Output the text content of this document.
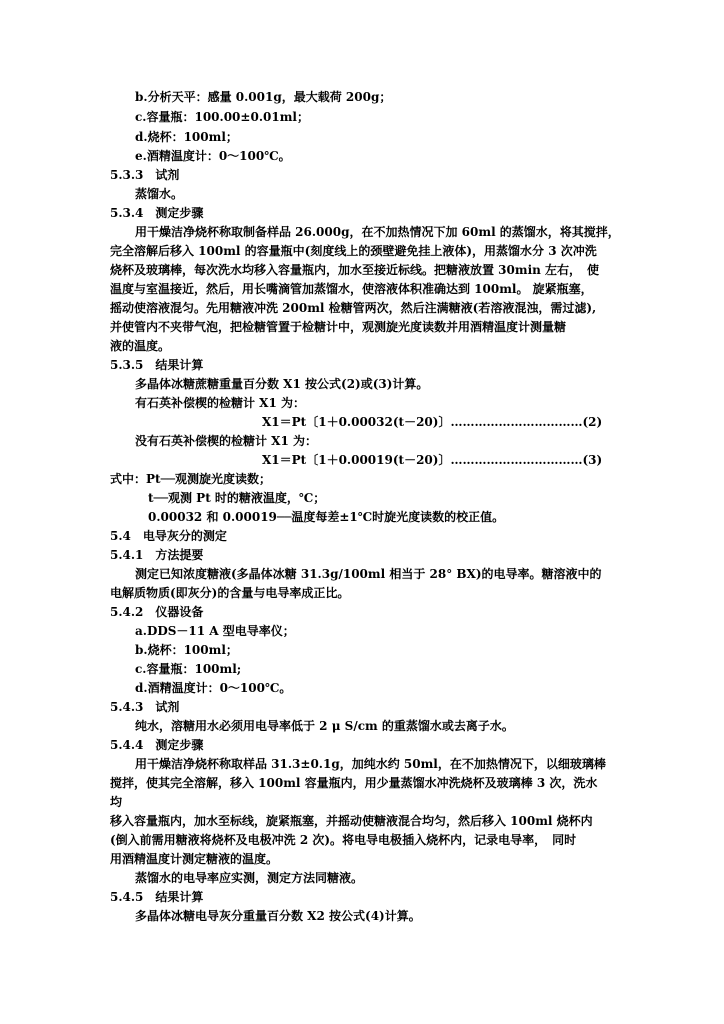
b.分析天平：感量 0.001g，最大载荷 200g；
c.容量瓶：100.00±0.01ml；
d.烧杯：100ml；
e.酒精温度计：0～100℃。
5.3.3　试剂
蒸馏水。
5.3.4　测定步骤
用干燥洁净烧杯称取制备样品 26.000g，在不加热情况下加 60ml 的蒸馏水，将其搅拌，
完全溶解后移入 100ml 的容量瓶中(刻度线上的颈壁避免挂上液体)，用蒸馏水分 3 次冲洗
烧杯及玻璃棒，每次洗水均移入容量瓶内，加水至接近标线。把糖液放置 30min 左右，　使
温度与室温接近，然后，用长嘴滴管加蒸馏水，使溶液体积准确达到 100ml。 旋紧瓶塞，
摇动使溶液混匀。先用糖液冲洗 200ml 检糖管两次，然后注满糖液(若溶液混浊，需过滤),
并使管内不夹带气泡，把检糖管置于检糖计中，观测旋光度读数并用酒精温度计测量糖
液的温度。
5.3.5　结果计算
多晶体冰糖蔗糖重量百分数 X1 按公式(2)或(3)计算。
有石英补偿楔的检糖计 X1 为：
X1＝Pt〔1＋0.00032(t－20)〕……………………………(2)
没有石英补偿楔的检糖计 X1 为：
X1＝Pt〔1＋0.00019(t－20)〕……………………………(3)
式中：Pt──观测旋光度读数；
t──观测 Pt 时的糖液温度，℃；
0.00032 和 0.00019──温度每差±1℃时旋光度读数的校正值。
5.4　电导灰分的测定
5.4.1　方法提要
测定已知浓度糖液(多晶体冰糖 31.3g/100ml 相当于 28° BX)的电导率。糖溶液中的
电解质物质(即灰分)的含量与电导率成正比。
5.4.2　仪器设备
a.DDS－11 A 型电导率仪；
b.烧杯：100ml；
c.容量瓶：100ml;
d.酒精温度计：0～100℃。
5.4.3　试剂
纯水，溶糖用水必须用电导率低于 2 μ S/cm 的重蒸馏水或去离子水。
5.4.4　测定步骤
用干燥洁净烧杯称取样品 31.3±0.1g，加纯水约 50ml，在不加热情况下，以细玻璃棒
搅拌，使其完全溶解，移入 100ml 容量瓶内，用少量蒸馏水冲洗烧杯及玻璃棒 3 次，洗水
均
移入容量瓶内，加水至标线，旋紧瓶塞，并摇动使糖液混合均匀，然后移入 100ml 烧杯内
(倒入前需用糖液将烧杯及电极冲洗 2 次)。将电导电极插入烧杯内，记录电导率，　同时
用酒精温度计测定糖液的温度。
蒸馏水的电导率应实测，测定方法同糖液。
5.4.5　结果计算
多晶体冰糖电导灰分重量百分数 X2 按公式(4)计算。
